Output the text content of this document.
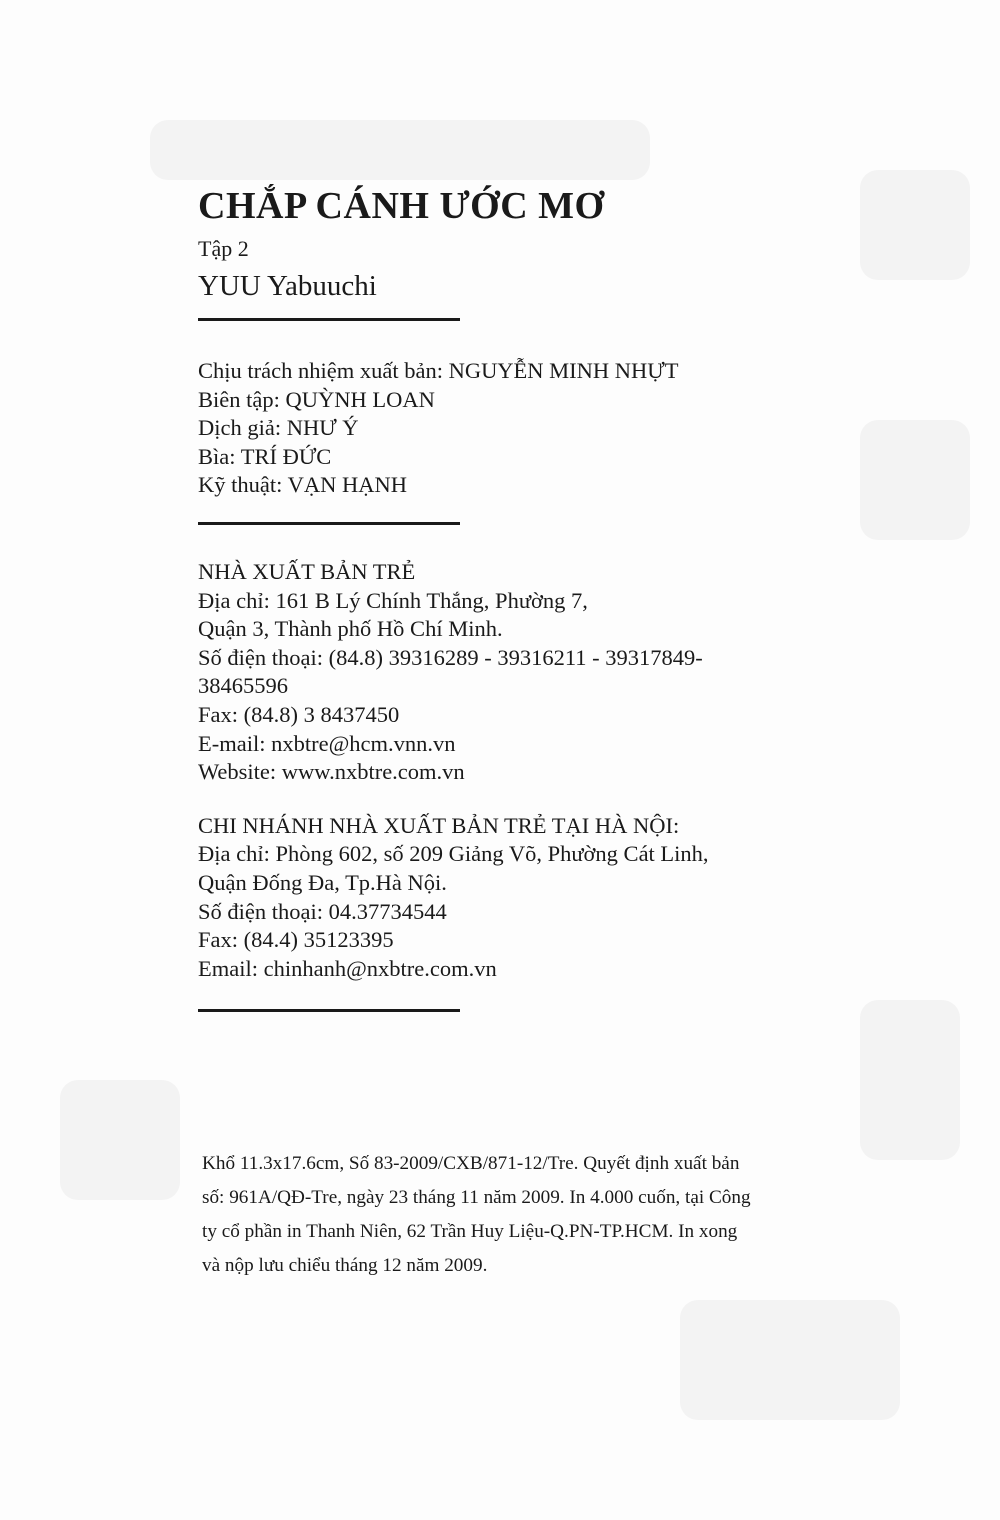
CHẮP CÁNH ƯỚC MƠ

Tập 2

YUU Yabuuchi

Chịu trách nhiệm xuất bản: NGUYỄN MINH NHỰT
Biên tập: QUỲNH LOAN
Dịch giả: NHƯ Ý
Bìa: TRÍ ĐỨC
Kỹ thuật: VẠN HẠNH
NHÀ XUẤT BẢN TRẺ
Địa chỉ: 161 B Lý Chính Thắng, Phường 7,
Quận 3, Thành phố Hồ Chí Minh.
Số điện thoại: (84.8) 39316289 - 39316211 - 39317849-
38465596
Fax: (84.8) 3 8437450
E-mail: nxbtre@hcm.vnn.vn
Website: www.nxbtre.com.vn
CHI NHÁNH NHÀ XUẤT BẢN TRẺ TẠI HÀ NỘI:
Địa chỉ: Phòng 602, số 209 Giảng Võ, Phường Cát Linh,
Quận Đống Đa, Tp.Hà Nội.
Số điện thoại: 04.37734544
Fax: (84.4) 35123395
Email: chinhanh@nxbtre.com.vn
Khổ 11.3x17.6cm, Số 83-2009/CXB/871-12/Tre. Quyết định xuất bản
số: 961A/QĐ-Tre, ngày 23 tháng 11 năm 2009. In 4.000 cuốn, tại Công
ty cổ phần in Thanh Niên, 62 Trần Huy Liệu-Q.PN-TP.HCM. In xong
và nộp lưu chiểu tháng 12 năm 2009.
